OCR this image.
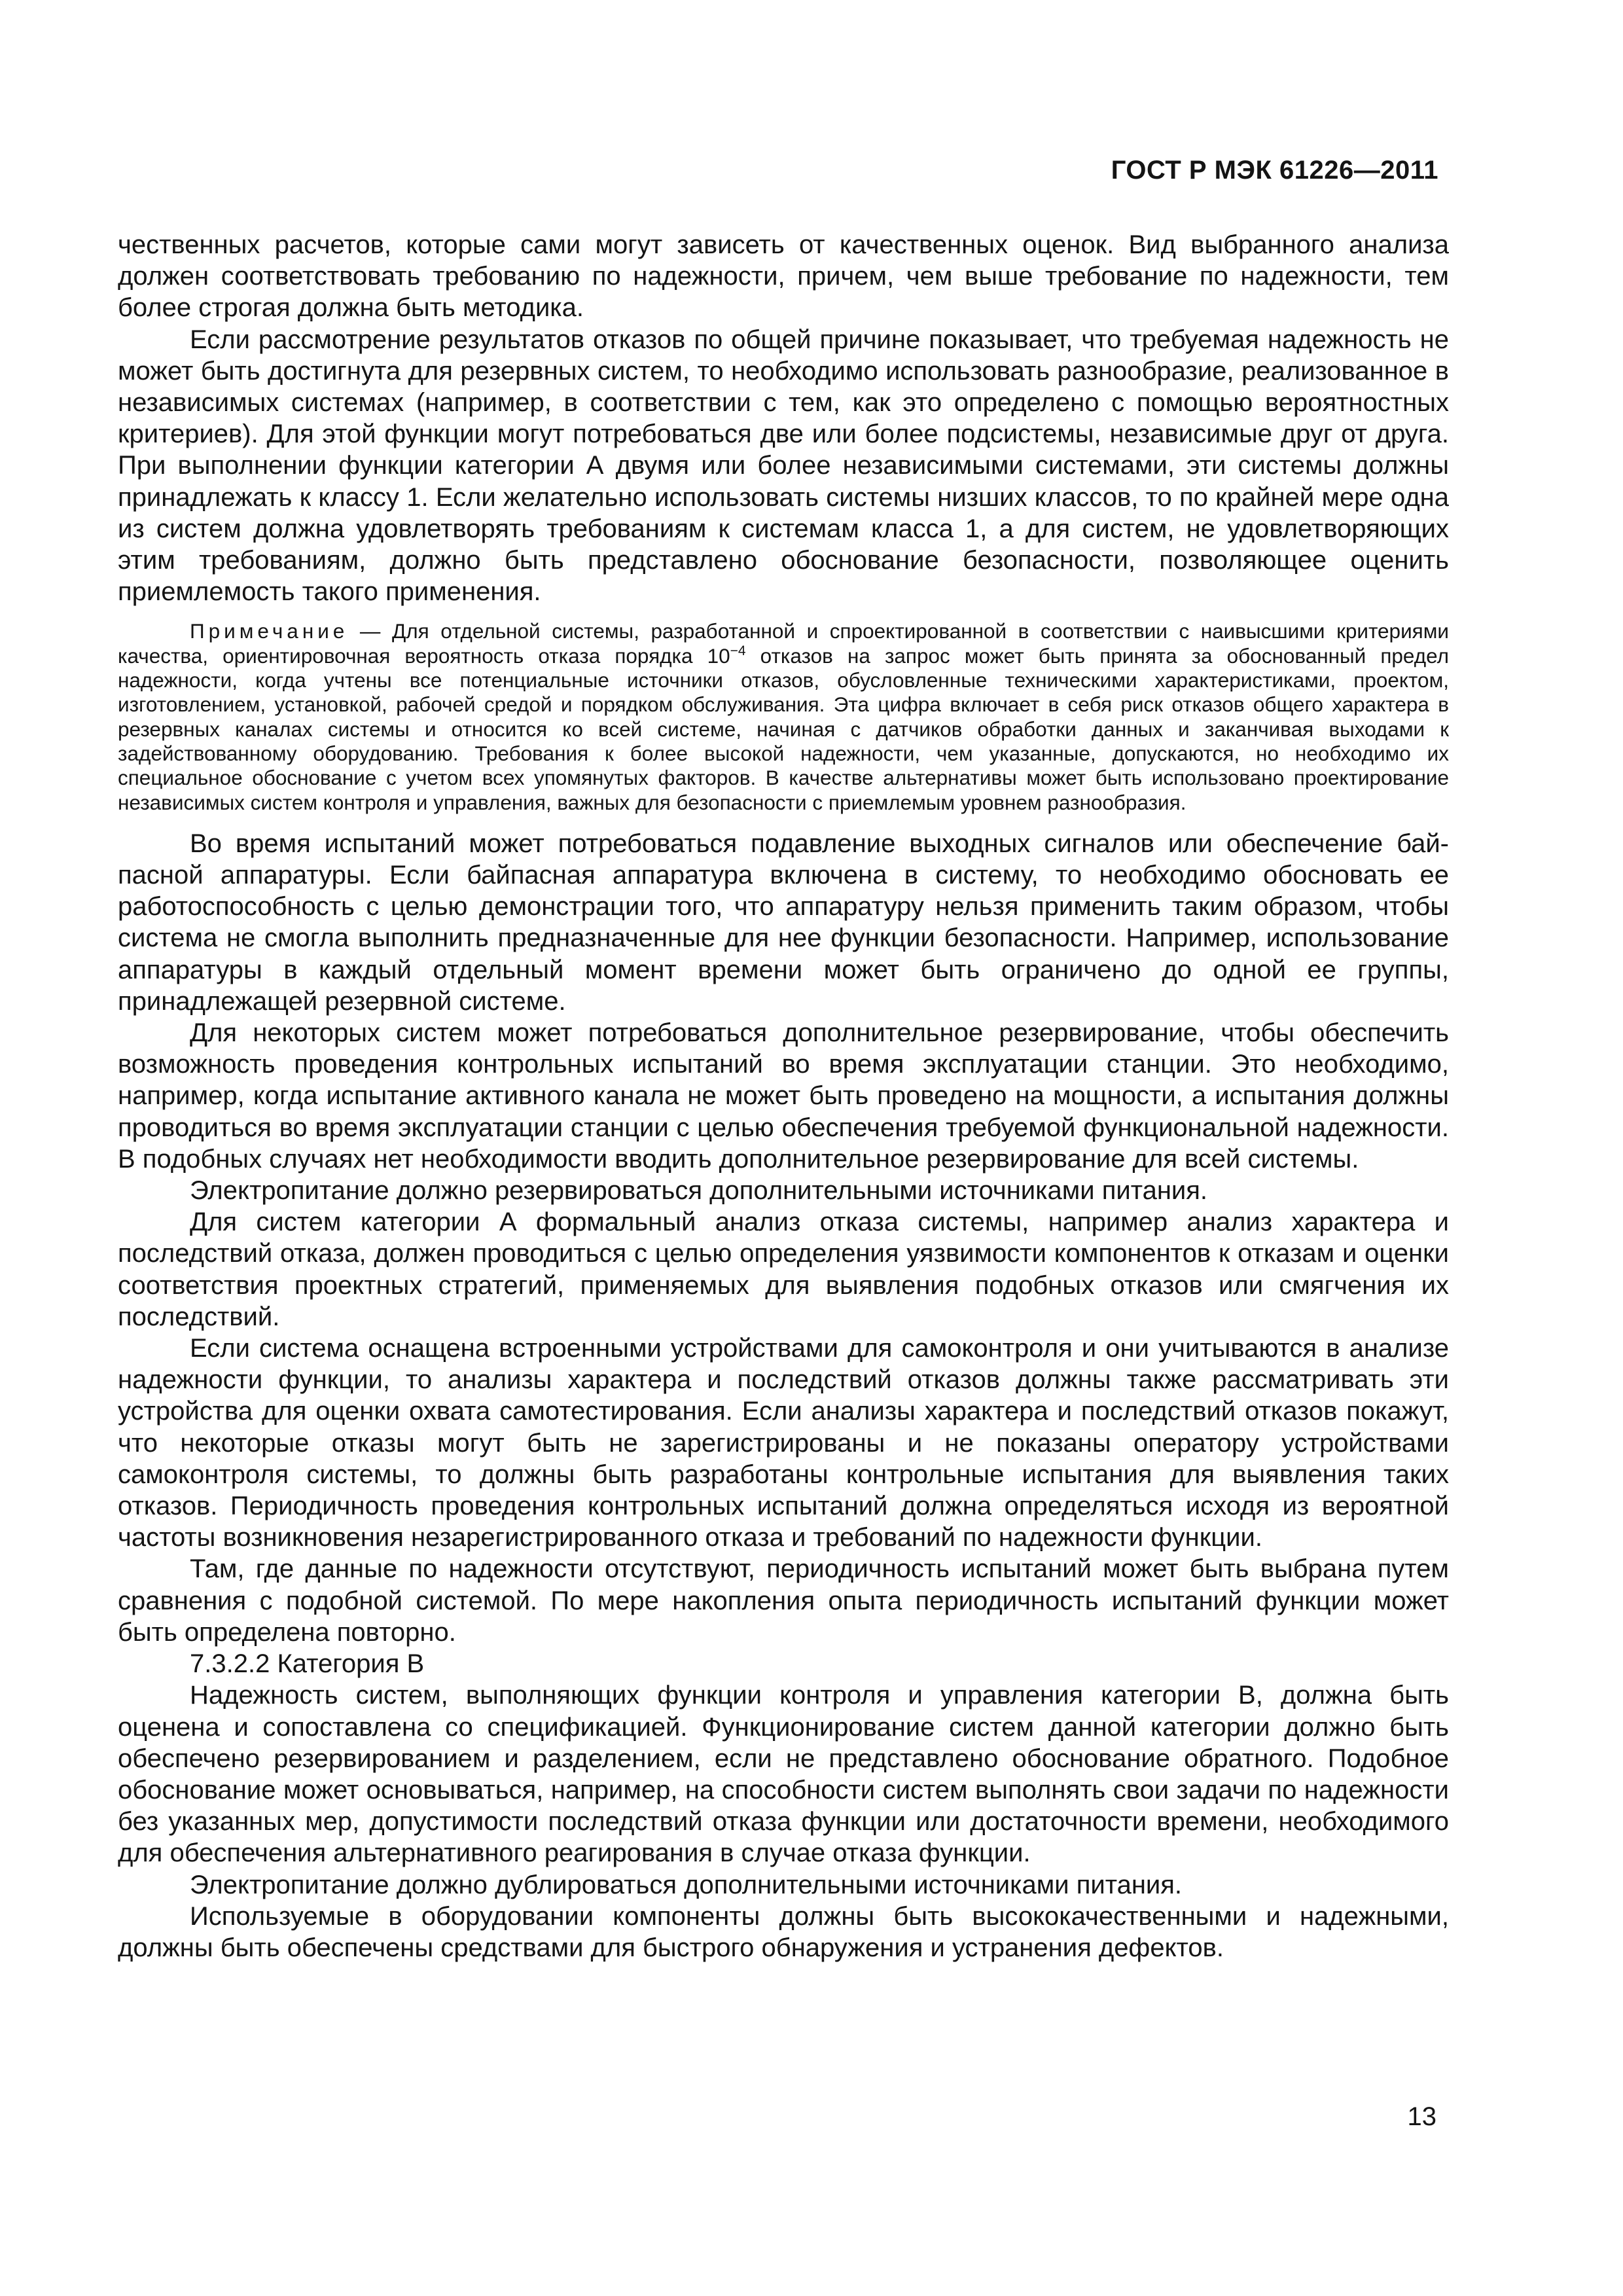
ГОСТ Р МЭК 61226—2011

чественных расчетов, которые сами могут зависеть от качественных оценок. Вид выбранного анализа должен соответствовать требованию по надежности, причем, чем выше требование по надежности, тем более строгая должна быть методика.

Если рассмотрение результатов отказов по общей причине показывает, что требуемая надежность не может быть достигнута для резервных систем, то необходимо использовать разнообразие, реализованное в независимых системах (например, в соответствии с тем, как это определено с помощью вероятностных критериев). Для этой функции могут потребоваться две или более подсистемы, независимые друг от друга. При выполнении функции категории А двумя или более независимыми системами, эти системы должны принадлежать к классу 1. Если желательно использовать системы низших классов, то по крайней мере одна из систем должна удовлетворять требованиям к системам класса 1, а для систем, не удовлетворяющих этим требованиям, должно быть представлено обоснование безопасности, позволяющее оценить приемлемость такого применения.

Примечание — Для отдельной системы, разработанной и спроектированной в соответствии с наивысшими критериями качества, ориентировочная вероятность отказа порядка $10^{-4}$ отказов на запрос может быть принята за обоснованный предел надежности, когда учтены все потенциальные источники отказов, обусловленные техническими характеристиками, проектом, изготовлением, установкой, рабочей средой и порядком обслуживания. Эта цифра включает в себя риск отказов общего характера в резервных каналах системы и относится ко всей системе, начиная с датчиков обработки данных и заканчивая выходами к задействованному оборудованию. Требования к более высокой надежности, чем указанные, допускаются, но необходимо их специальное обоснование с учетом всех упомянутых факторов. В качестве альтернативы может быть использовано проектирование независимых систем контроля и управления, важных для безопасности с приемлемым уровнем разнообразия.

Во время испытаний может потребоваться подавление выходных сигналов или обеспечение байпасной аппаратуры. Если байпасная аппаратура включена в систему, то необходимо обосновать ее работоспособность с целью демонстрации того, что аппаратуру нельзя применить таким образом, чтобы система не смогла выполнить предназначенные для нее функции безопасности. Например, использование аппаратуры в каждый отдельный момент времени может быть ограничено до одной ее группы, принадлежащей резервной системе.

Для некоторых систем может потребоваться дополнительное резервирование, чтобы обеспечить возможность проведения контрольных испытаний во время эксплуатации станции. Это необходимо, например, когда испытание активного канала не может быть проведено на мощности, а испытания должны проводиться во время эксплуатации станции с целью обеспечения требуемой функциональной надежности. В подобных случаях нет необходимости вводить дополнительное резервирование для всей системы.

Электропитание должно резервироваться дополнительными источниками питания.

Для систем категории А формальный анализ отказа системы, например анализ характера и последствий отказа, должен проводиться с целью определения уязвимости компонентов к отказам и оценки соответствия проектных стратегий, применяемых для выявления подобных отказов или смягчения их последствий.

Если система оснащена встроенными устройствами для самоконтроля и они учитываются в анализе надежности функции, то анализы характера и последствий отказов должны также рассматривать эти устройства для оценки охвата самотестирования. Если анализы характера и последствий отказов покажут, что некоторые отказы могут быть не зарегистрированы и не показаны оператору устройствами самоконтроля системы, то должны быть разработаны контрольные испытания для выявления таких отказов. Периодичность проведения контрольных испытаний должна определяться исходя из вероятной частоты возникновения незарегистрированного отказа и требований по надежности функции.

Там, где данные по надежности отсутствуют, периодичность испытаний может быть выбрана путем сравнения с подобной системой. По мере накопления опыта периодичность испытаний функции может быть определена повторно.

7.3.2.2 Категория В

Надежность систем, выполняющих функции контроля и управления категории В, должна быть оценена и сопоставлена со спецификацией. Функционирование систем данной категории должно быть обеспечено резервированием и разделением, если не представлено обоснование обратного. Подобное обоснование может основываться, например, на способности систем выполнять свои задачи по надежности без указанных мер, допустимости последствий отказа функции или достаточности времени, необходимого для обеспечения альтернативного реагирования в случае отказа функции.

Электропитание должно дублироваться дополнительными источниками питания.

Используемые в оборудовании компоненты должны быть высококачественными и надежными, должны быть обеспечены средствами для быстрого обнаружения и устранения дефектов.

13
